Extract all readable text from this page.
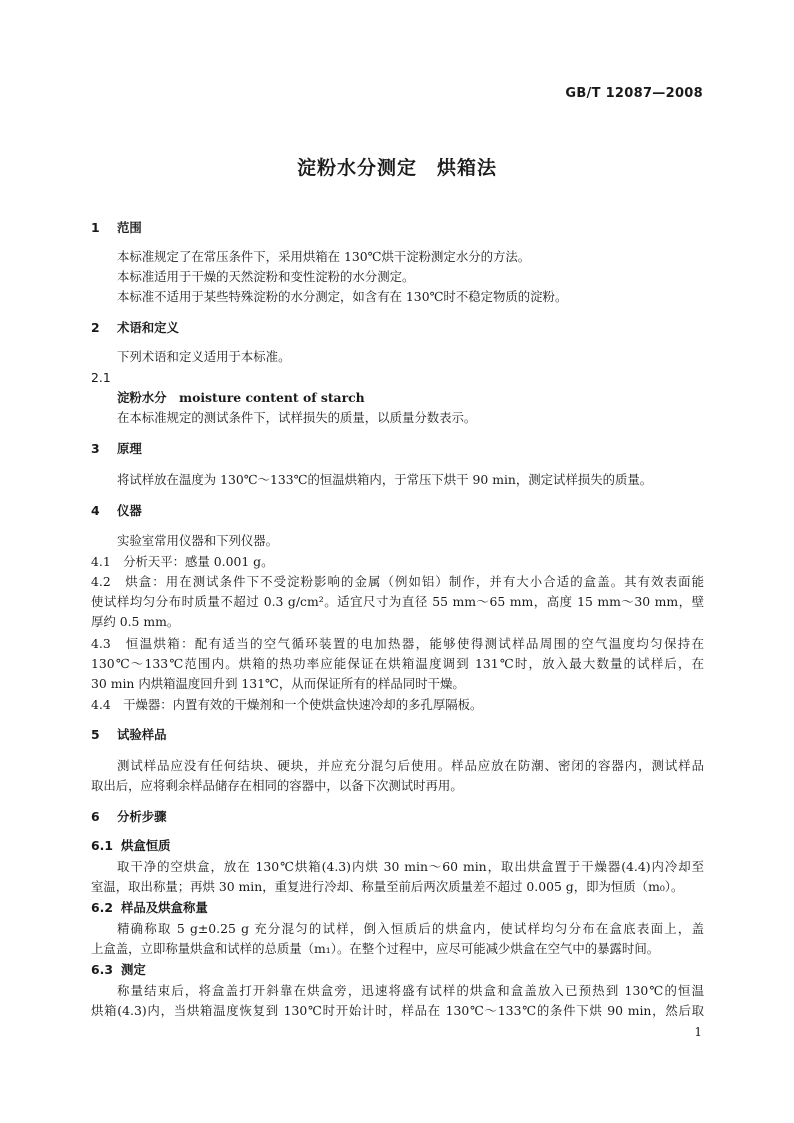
GB/T 12087—2008
淀粉水分测定　烘箱法
1 范围
本标准规定了在常压条件下，采用烘箱在 130℃烘干淀粉测定水分的方法。
本标准适用于干燥的天然淀粉和变性淀粉的水分测定。
本标准不适用于某些特殊淀粉的水分测定，如含有在 130℃时不稳定物质的淀粉。
2 术语和定义
下列术语和定义适用于本标准。
2.1
淀粉水分　moisture content of starch
在本标准规定的测试条件下，试样损失的质量，以质量分数表示。
3 原理
将试样放在温度为 130℃～133℃的恒温烘箱内，于常压下烘干 90 min，测定试样损失的质量。
4 仪器
实验室常用仪器和下列仪器。
4.1　分析天平：感量 0.001 g。
4.2　烘盒：用在测试条件下不受淀粉影响的金属（例如铝）制作，并有大小合适的盒盖。其有效表面能
使试样均匀分布时质量不超过 0.3 g/cm²。适宜尺寸为直径 55 mm～65 mm，高度 15 mm～30 mm，壁
厚约 0.5 mm。
4.3　恒温烘箱：配有适当的空气循环装置的电加热器，能够使得测试样品周围的空气温度均匀保持在
130℃～133℃范围内。烘箱的热功率应能保证在烘箱温度调到 131℃时，放入最大数量的试样后，在
30 min 内烘箱温度回升到 131℃，从而保证所有的样品同时干燥。
4.4　干燥器：内置有效的干燥剂和一个使烘盒快速冷却的多孔厚隔板。
5 试验样品
测试样品应没有任何结块、硬块，并应充分混匀后使用。样品应放在防潮、密闭的容器内，测试样品
取出后，应将剩余样品储存在相同的容器中，以备下次测试时再用。
6 分析步骤
6.1 烘盒恒质
取干净的空烘盒，放在 130℃烘箱(4.3)内烘 30 min～60 min，取出烘盒置于干燥器(4.4)内冷却至
室温，取出称量；再烘 30 min，重复进行冷却、称量至前后两次质量差不超过 0.005 g，即为恒质（m₀）。
6.2 样品及烘盒称量
精确称取 5 g±0.25 g 充分混匀的试样，倒入恒质后的烘盒内，使试样均匀分布在盒底表面上，盖
上盒盖，立即称量烘盒和试样的总质量（m₁）。在整个过程中，应尽可能减少烘盒在空气中的暴露时间。
6.3 测定
称量结束后，将盒盖打开斜靠在烘盒旁，迅速将盛有试样的烘盒和盒盖放入已预热到 130℃的恒温
烘箱(4.3)内，当烘箱温度恢复到 130℃时开始计时，样品在 130℃～133℃的条件下烘 90 min，然后取
1
